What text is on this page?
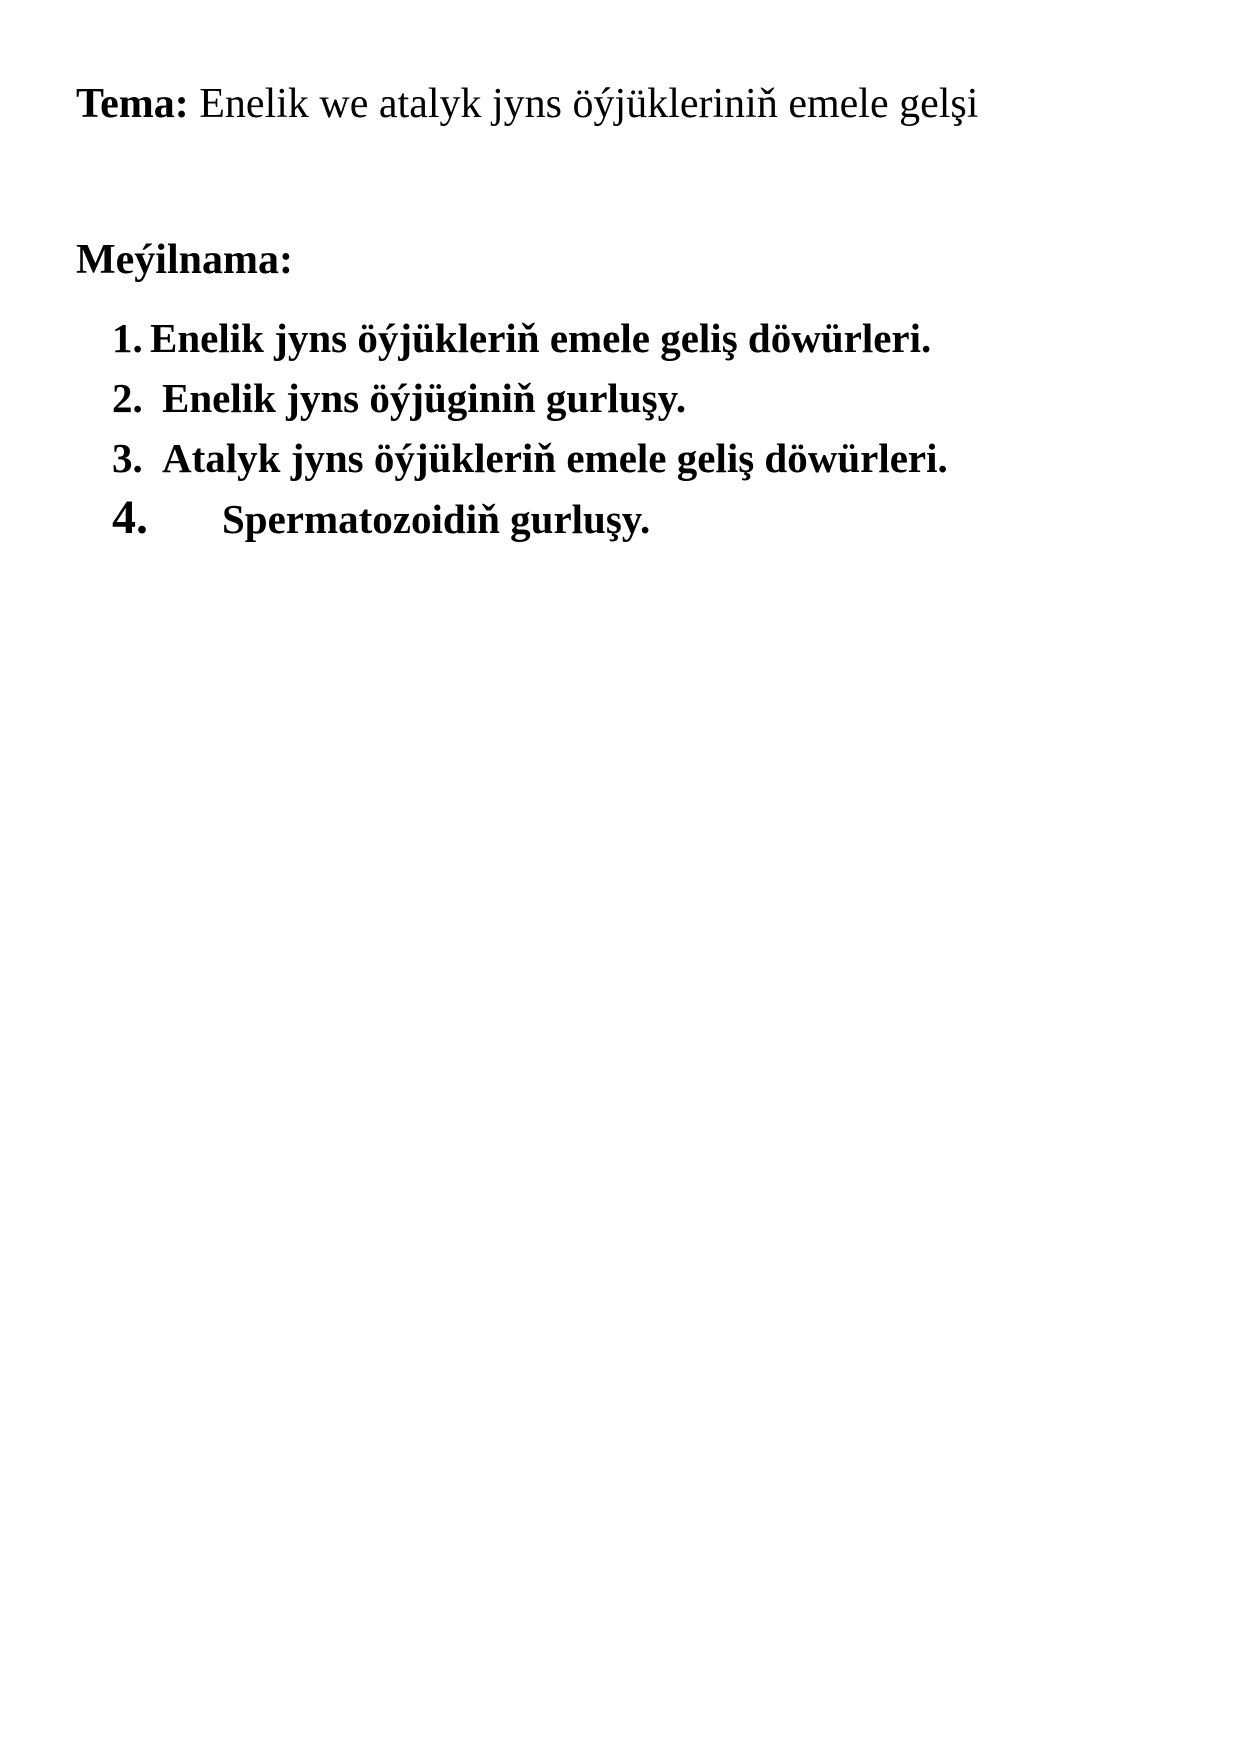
Tema: Enelik we atalyk jyns öýjükleriniň emele gelşi
Meýilnama:
1. Enelik jyns öýjükleriň emele geliş döwürleri.
2. Enelik jyns öýjüginiň gurluşy.
3. Atalyk jyns öýjükleriň emele geliş döwürleri.
4. Spermatozoidiň gurluşy.
